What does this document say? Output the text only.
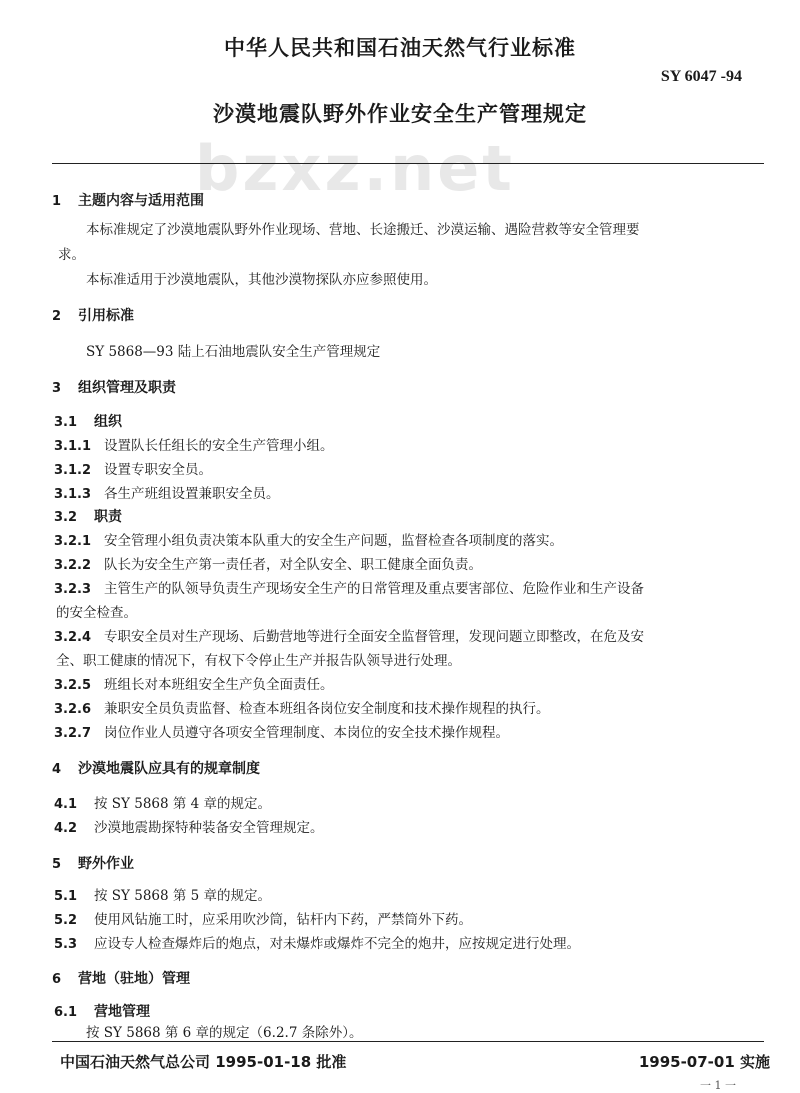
中华人民共和国石油天然气行业标准
SY 6047 -94
沙漠地震队野外作业安全生产管理规定
bzxz.net
1 主题内容与适用范围
本标准规定了沙漠地震队野外作业现场、营地、长途搬迁、沙漠运输、遇险营救等安全管理要
求。
本标准适用于沙漠地震队，其他沙漠物探队亦应参照使用。
2 引用标准
SY 5868—93 陆上石油地震队安全生产管理规定
3 组织管理及职责
3.1 组织
3.1.1 设置队长任组长的安全生产管理小组。
3.1.2 设置专职安全员。
3.1.3 各生产班组设置兼职安全员。
3.2 职责
3.2.1 安全管理小组负责决策本队重大的安全生产问题，监督检查各项制度的落实。
3.2.2 队长为安全生产第一责任者，对全队安全、职工健康全面负责。
3.2.3 主管生产的队领导负责生产现场安全生产的日常管理及重点要害部位、危险作业和生产设备
的安全检查。
3.2.4 专职安全员对生产现场、后勤营地等进行全面安全监督管理，发现问题立即整改，在危及安
全、职工健康的情况下，有权下令停止生产并报告队领导进行处理。
3.2.5 班组长对本班组安全生产负全面责任。
3.2.6 兼职安全员负责监督、检查本班组各岗位安全制度和技术操作规程的执行。
3.2.7 岗位作业人员遵守各项安全管理制度、本岗位的安全技术操作规程。
4 沙漠地震队应具有的规章制度
4.1 按 SY 5868 第 4 章的规定。
4.2 沙漠地震勘探特种装备安全管理规定。
5 野外作业
5.1 按 SY 5868 第 5 章的规定。
5.2 使用风钻施工时，应采用吹沙筒，钻杆内下药，严禁筒外下药。
5.3 应设专人检查爆炸后的炮点，对未爆炸或爆炸不完全的炮井，应按规定进行处理。
6 营地（驻地）管理
6.1 营地管理
按 SY 5868 第 6 章的规定（6.2.7 条除外）。
中国石油天然气总公司 1995-01-18 批准	1995-07-01 实施
一 1 一
